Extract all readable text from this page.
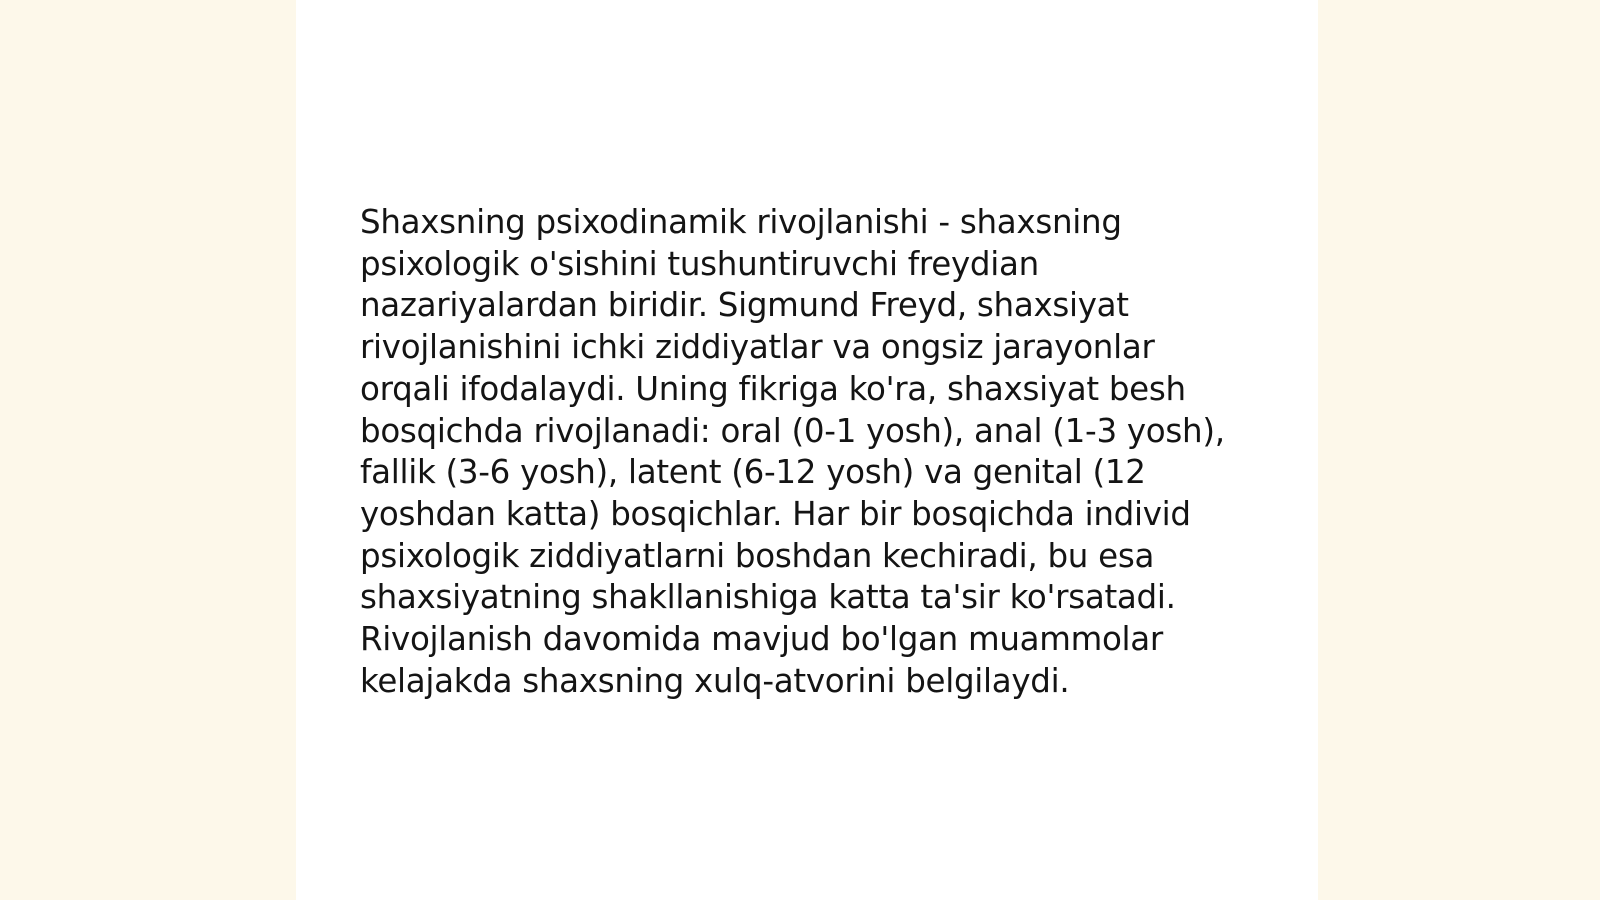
Shaxsning psixodinamik rivojlanishi - shaxsning
psixologik o'sishini tushuntiruvchi freydian
nazariyalardan biridir. Sigmund Freyd, shaxsiyat
rivojlanishini ichki ziddiyatlar va ongsiz jarayonlar
orqali ifodalaydi. Uning fikriga ko'ra, shaxsiyat besh
bosqichda rivojlanadi: oral (0-1 yosh), anal (1-3 yosh),
fallik (3-6 yosh), latent (6-12 yosh) va genital (12
yoshdan katta) bosqichlar. Har bir bosqichda individ
psixologik ziddiyatlarni boshdan kechiradi, bu esa
shaxsiyatning shakllanishiga katta ta'sir ko'rsatadi.
Rivojlanish davomida mavjud bo'lgan muammolar
kelajakda shaxsning xulq-atvorini belgilaydi.
